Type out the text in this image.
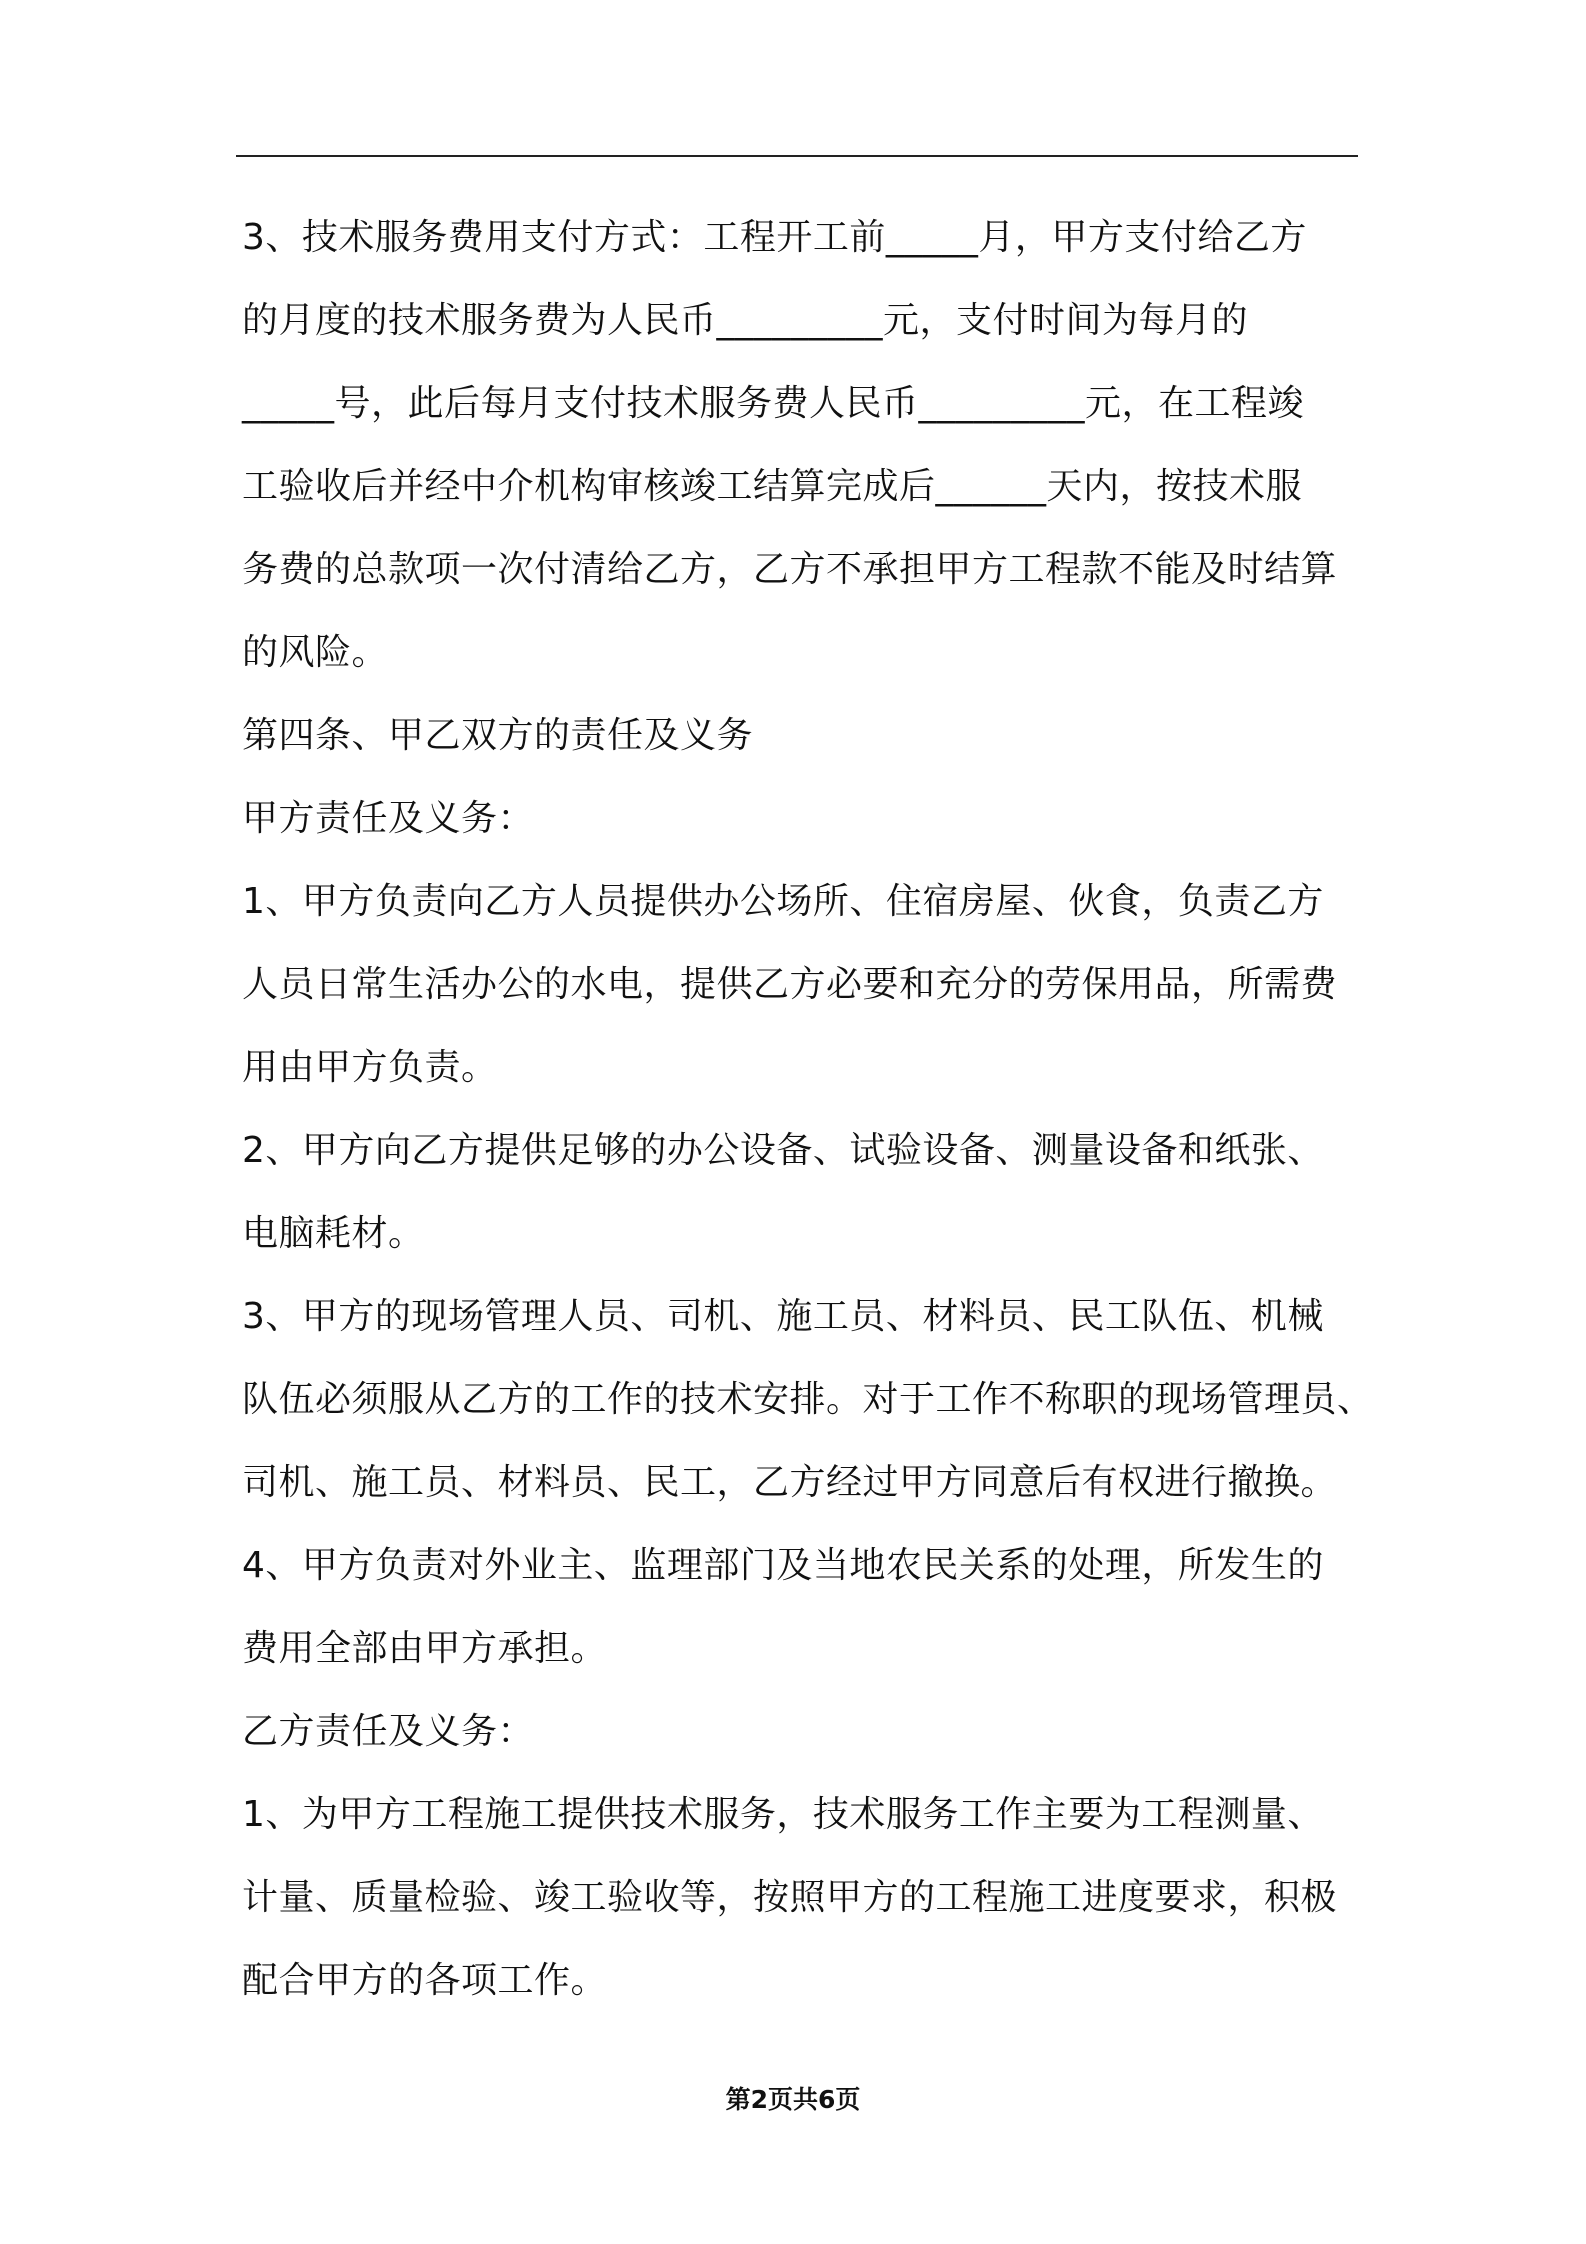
3、技术服务费用支付方式：工程开工前_____月，甲方支付给乙方
的月度的技术服务费为人民币_________元，支付时间为每月的
_____号，此后每月支付技术服务费人民币_________元，在工程竣
工验收后并经中介机构审核竣工结算完成后______天内，按技术服
务费的总款项一次付清给乙方，乙方不承担甲方工程款不能及时结算
的风险。
第四条、甲乙双方的责任及义务
甲方责任及义务：
1、甲方负责向乙方人员提供办公场所、住宿房屋、伙食，负责乙方
人员日常生活办公的水电，提供乙方必要和充分的劳保用品，所需费
用由甲方负责。
2、甲方向乙方提供足够的办公设备、试验设备、测量设备和纸张、
电脑耗材。
3、甲方的现场管理人员、司机、施工员、材料员、民工队伍、机械
队伍必须服从乙方的工作的技术安排。对于工作不称职的现场管理员、
司机、施工员、材料员、民工，乙方经过甲方同意后有权进行撤换。
4、甲方负责对外业主、监理部门及当地农民关系的处理，所发生的
费用全部由甲方承担。
乙方责任及义务：
1、为甲方工程施工提供技术服务，技术服务工作主要为工程测量、
计量、质量检验、竣工验收等，按照甲方的工程施工进度要求，积极
配合甲方的各项工作。
第2页共6页
